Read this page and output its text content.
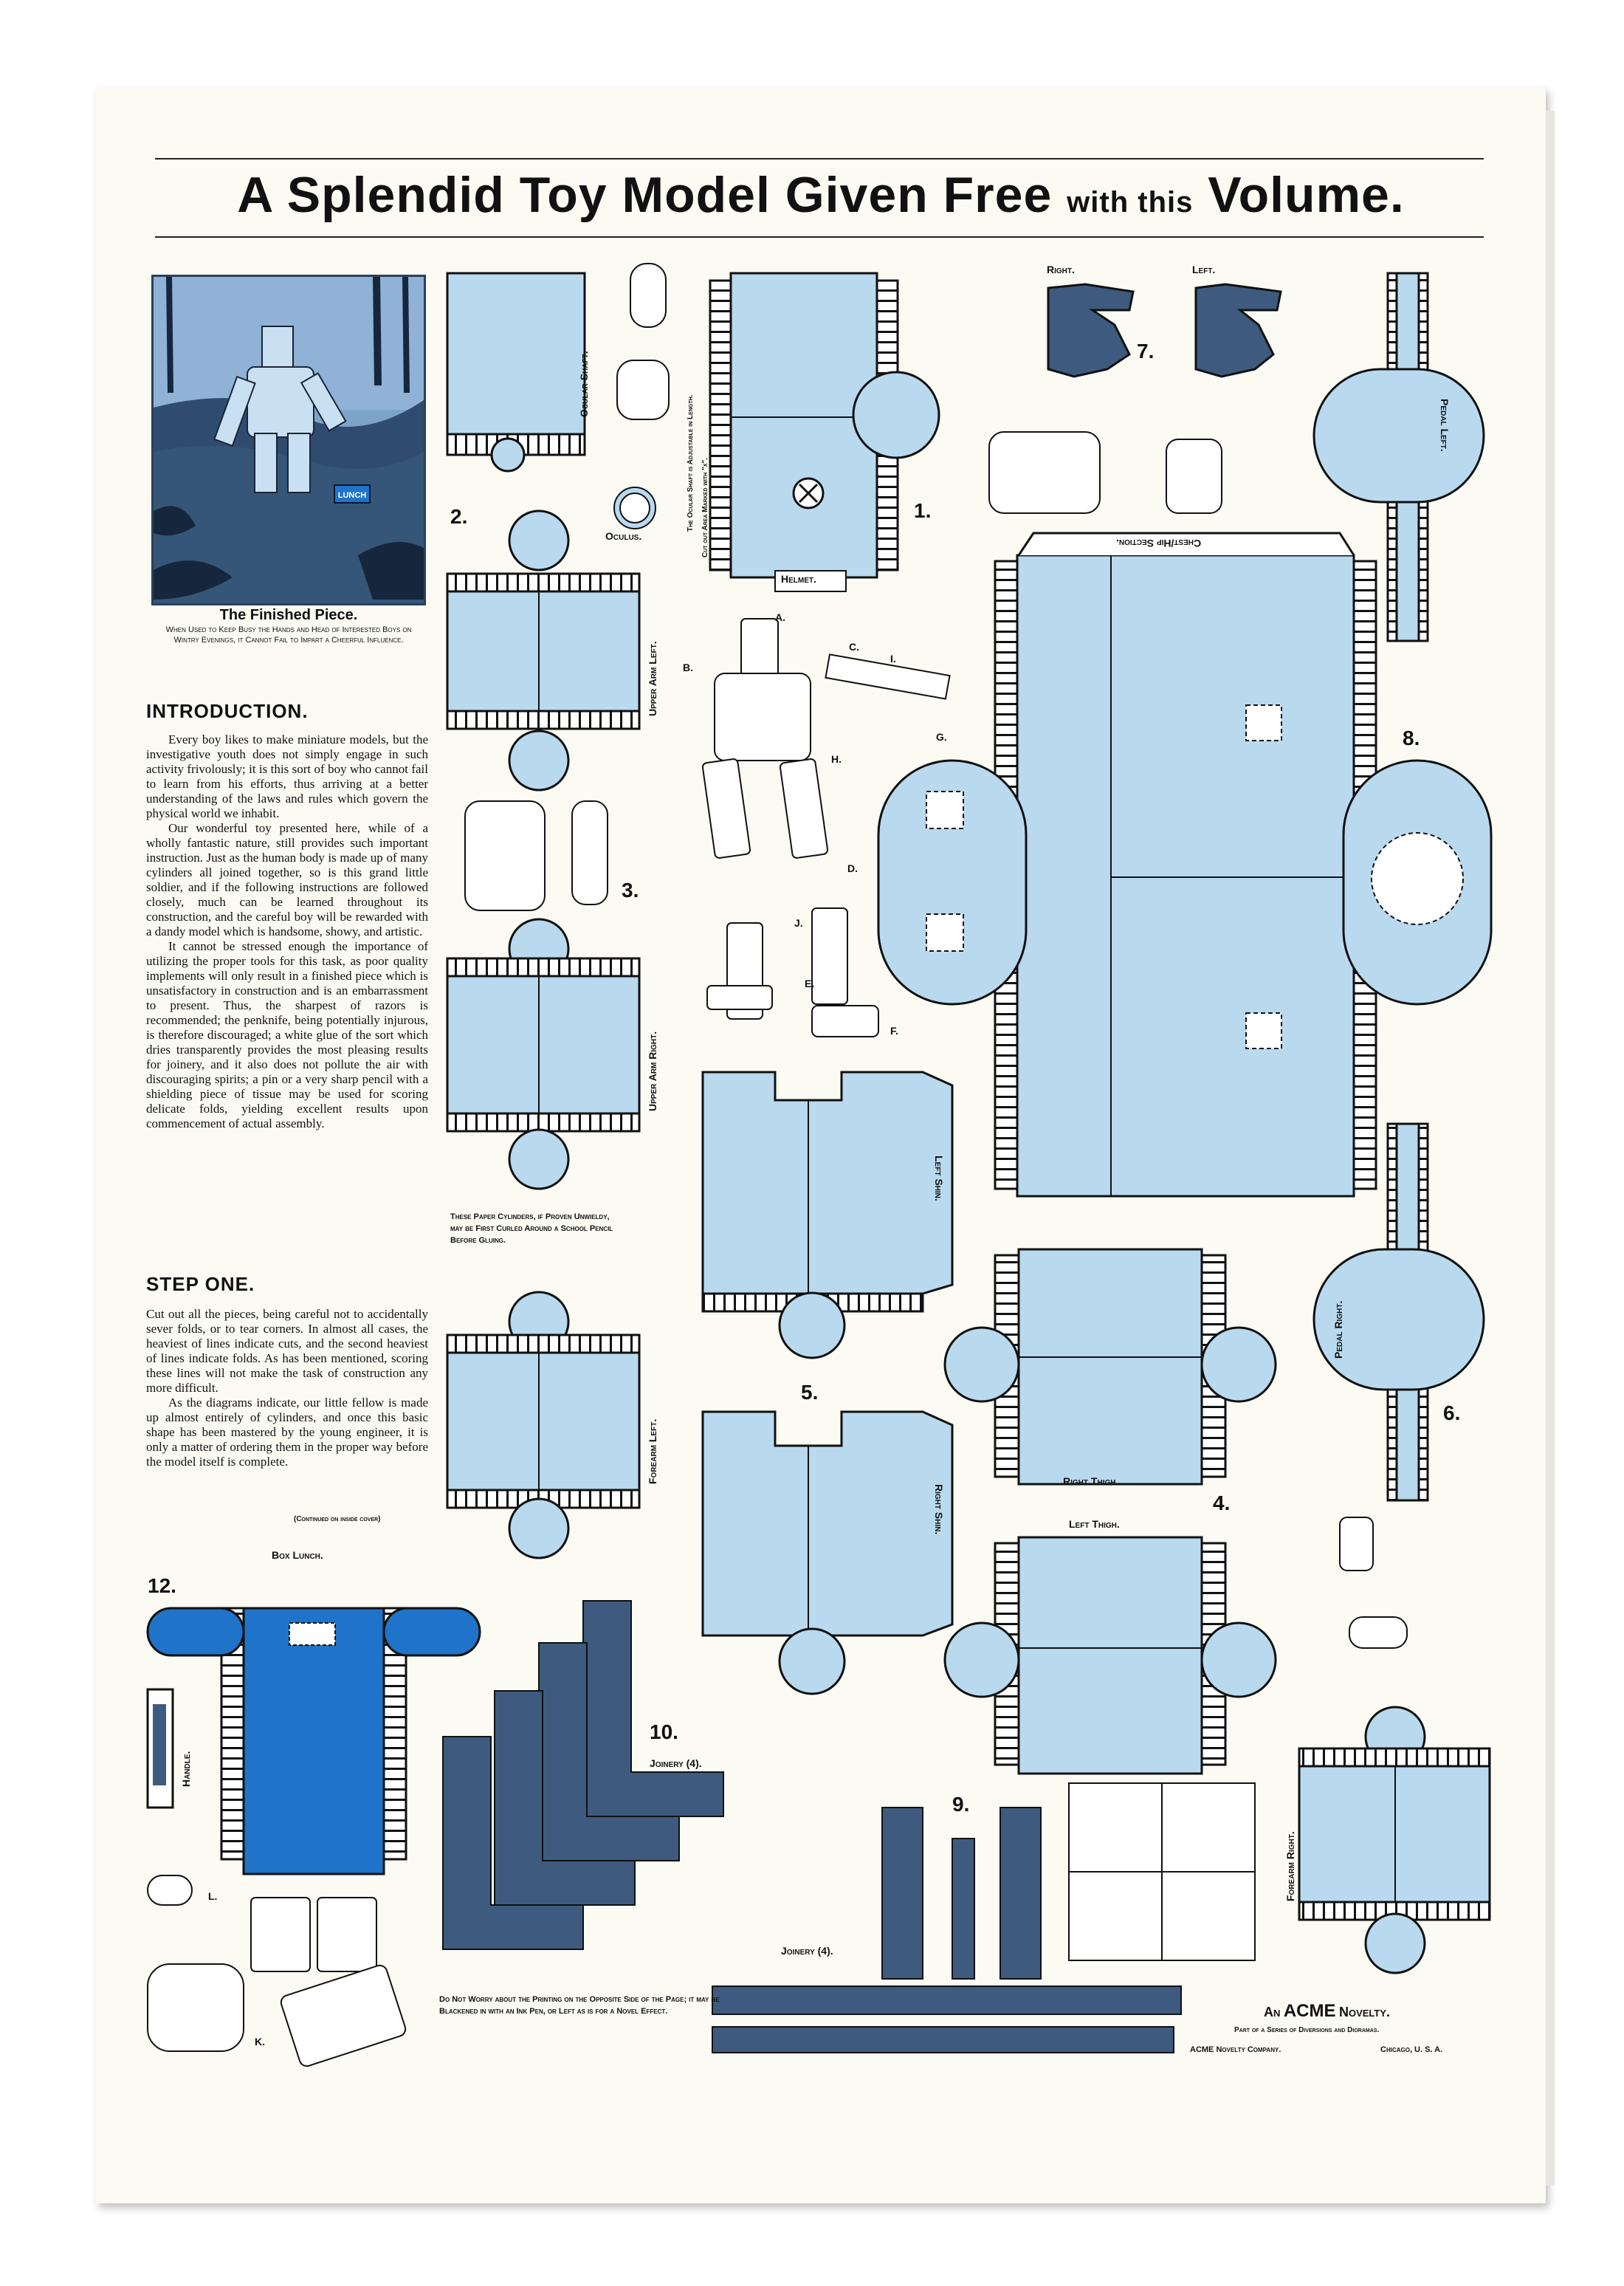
A Splendid Toy Model Given Free with this Volume.
LUNCH
The Finished Piece.
When Used to Keep Busy the Hands and Head of Interested Boys on Wintry Evenings, it Cannot Fail to Impart a Cheerful Influence.
INTRODUCTION.

Every boy likes to make miniature models, but the investigative youth does not simply engage in such activity frivolously; it is this sort of boy who cannot fail to learn from his efforts, thus arriving at a better understanding of the laws and rules which govern the physical world we inhabit.

Our wonderful toy presented here, while of a wholly fantastic nature, still provides such important instruction. Just as the human body is made up of many cylinders all joined together, so is this grand little soldier, and if the following instructions are followed closely, much can be learned throughout its construction, and the careful boy will be rewarded with a dandy model which is handsome, showy, and artistic.

It cannot be stressed enough the importance of utilizing the proper tools for this task, as poor quality implements will only result in a finished piece which is unsatisfactory in construction and is an embarrassment to present. Thus, the sharpest of razors is recommended; the penknife, being potentially injurous, is therefore discouraged; a white glue of the sort which dries transparently provides the most pleasing results for joinery, and it also does not pollute the air with discouraging spirits; a pin or a very sharp pencil with a shielding piece of tissue may be used for scoring delicate folds, yielding excellent results upon commencement of actual assembly.

STEP ONE.

Cut out all the pieces, being careful not to accidentally sever folds, or to tear corners. In almost all cases, the heaviest of lines indicate cuts, and the second heaviest of lines indicate folds. As has been mentioned, scoring these lines will not make the task of construction any more difficult.

As the diagrams indicate, our little fellow is made up almost entirely of cylinders, and once this basic shape has been mastered by the young engineer, it is only a matter of ordering them in the proper way before the model itself is complete.

(Continued on inside cover)
Ocular Shaft.
Oculus.
The Ocular Shaft is Adjustable in Length. Cut out Area Marked with "x".
Helmet.
Upper Arm Left.
Upper Arm Right.
Forearm Left.
Forearm Right.
Left Shin.
Right Shin.
Right Thigh.
Left Thigh.
Chest/Hip Section.
Pedal Left.
Pedal Right.
Right.	Left.
Box Lunch.
Handle.	Joinery (4).
Joinery (4).
1.
2.
3.
4.
5.
6.
7.
8.
9.
10.
12.
A.
B.
C.
I.
G.
H.
D.
J.
E.
F.
L.
K.
These Paper Cylinders, if Proven Unwieldy, may be First Curled Around a School Pencil Before Gluing.
Do Not Worry about the Printing on the Opposite Side of the Page; it may be Blackened in with an Ink Pen, or Left as is for a Novel Effect.	An ACME Novelty.
Part of a Series of Diversions and Dioramas.
ACME Novelty Company.	Chicago, U. S. A.
